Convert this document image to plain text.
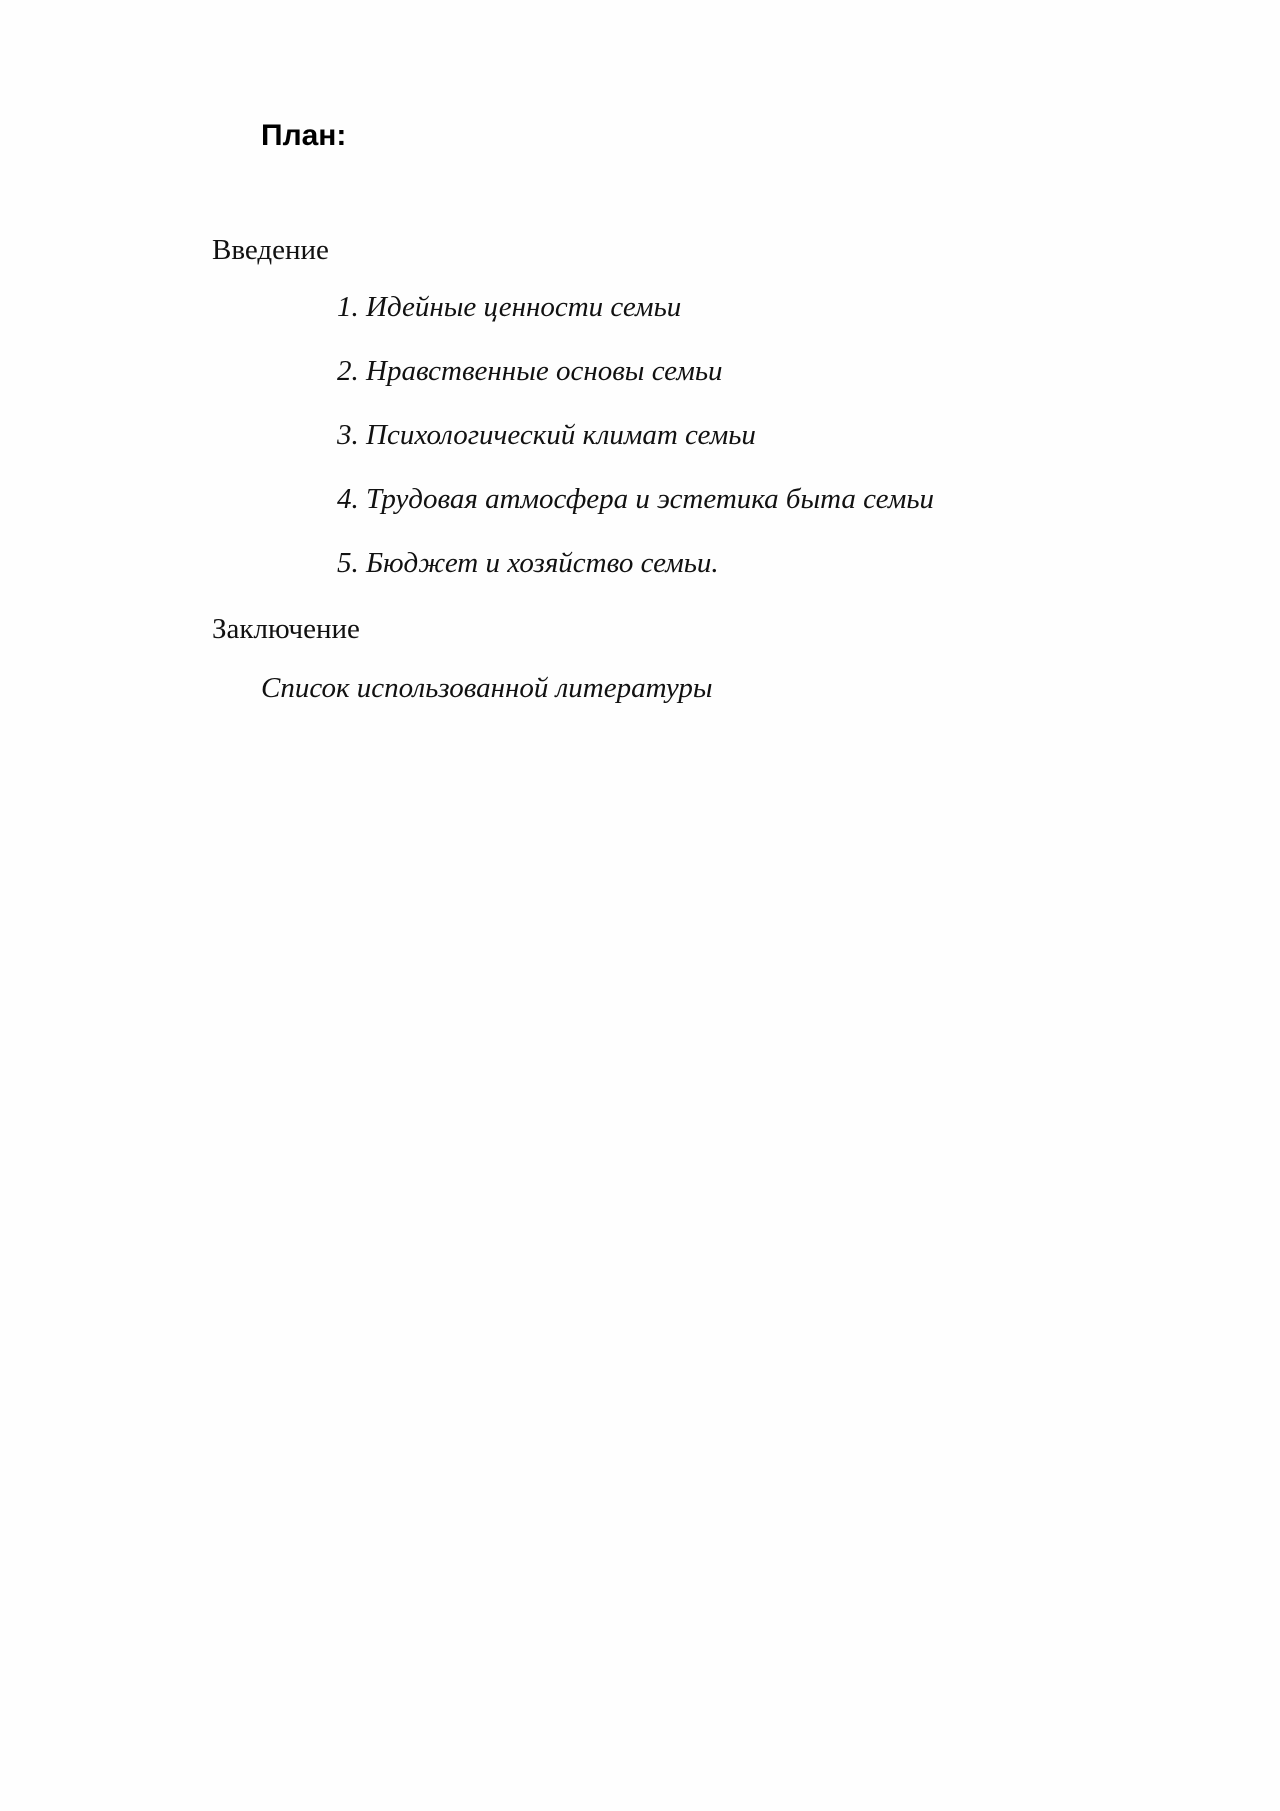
План:
Введение
1. Идейные ценности семьи
2. Нравственные основы семьи
3. Психологический климат семьи
4. Трудовая атмосфера и эстетика быта семьи
5. Бюджет и хозяйство семьи.
Заключение
Список использованной литературы
